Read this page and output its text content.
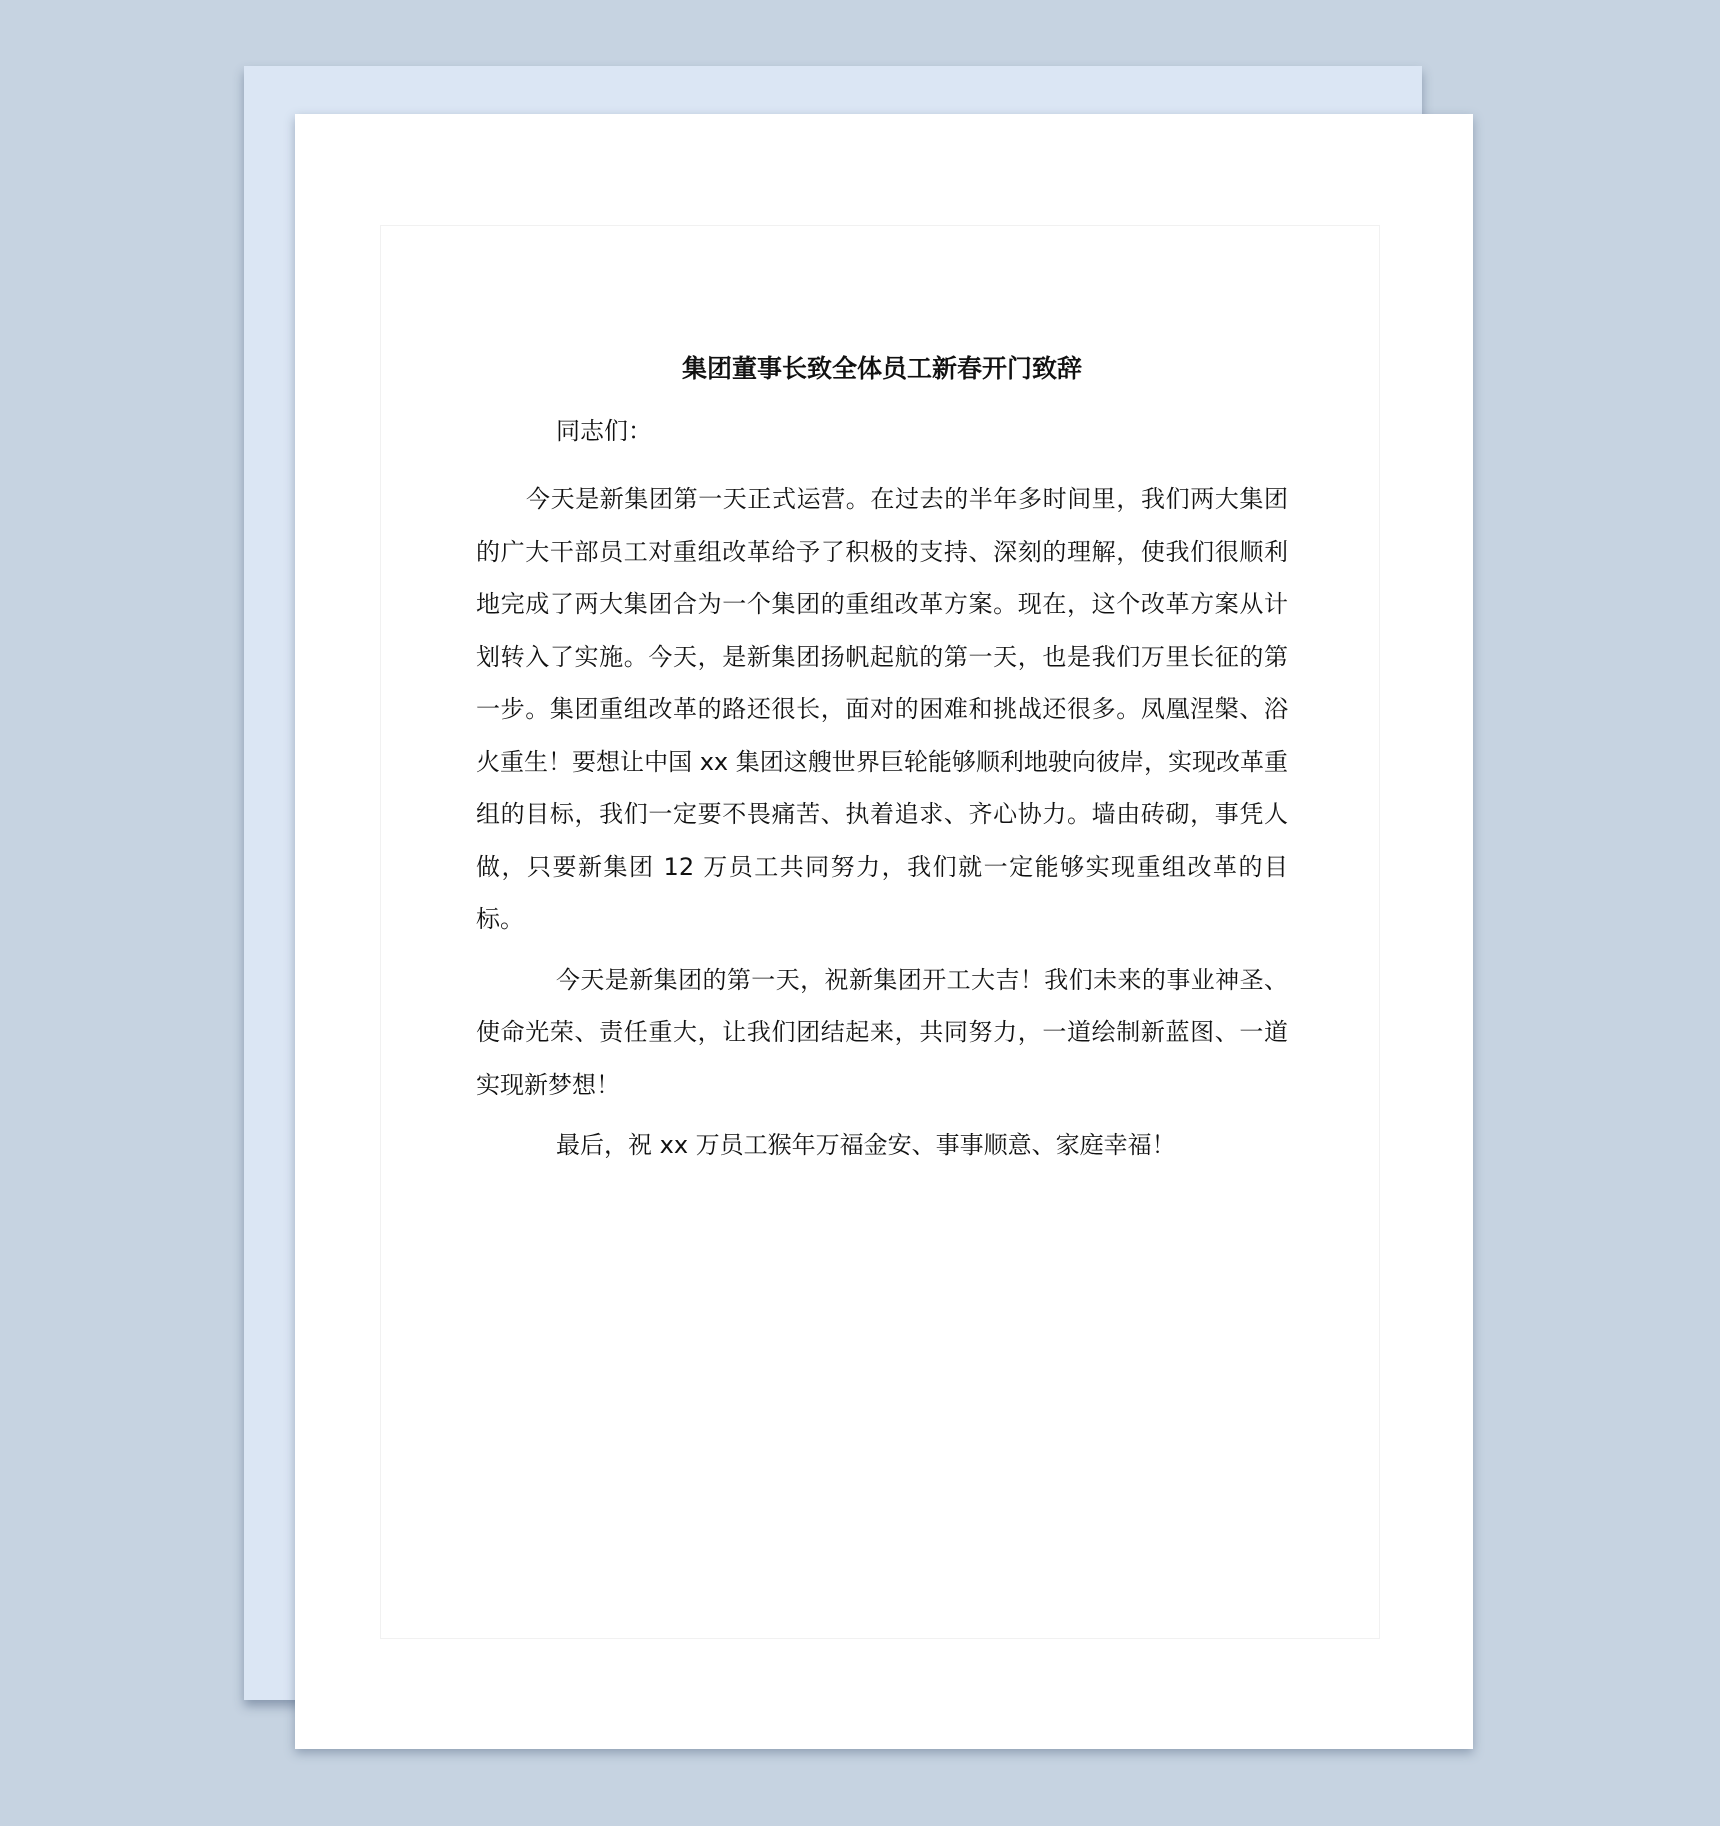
集团董事长致全体员工新春开门致辞

同志们：

今天是新集团第一天正式运营。在过去的半年多时间里，我们两大集团的广大干部员工对重组改革给予了积极的支持、深刻的理解，使我们很顺利地完成了两大集团合为一个集团的重组改革方案。现在，这个改革方案从计划转入了实施。今天，是新集团扬帆起航的第一天，也是我们万里长征的第一步。集团重组改革的路还很长，面对的困难和挑战还很多。凤凰涅槃、浴火重生！要想让中国 xx 集团这艘世界巨轮能够顺利地驶向彼岸，实现改革重组的目标，我们一定要不畏痛苦、执着追求、齐心协力。墙由砖砌，事凭人做，只要新集团 12 万员工共同努力，我们就一定能够实现重组改革的目标。

今天是新集团的第一天，祝新集团开工大吉！我们未来的事业神圣、使命光荣、责任重大，让我们团结起来，共同努力，一道绘制新蓝图、一道实现新梦想！

最后，祝 xx 万员工猴年万福金安、事事顺意、家庭幸福！
